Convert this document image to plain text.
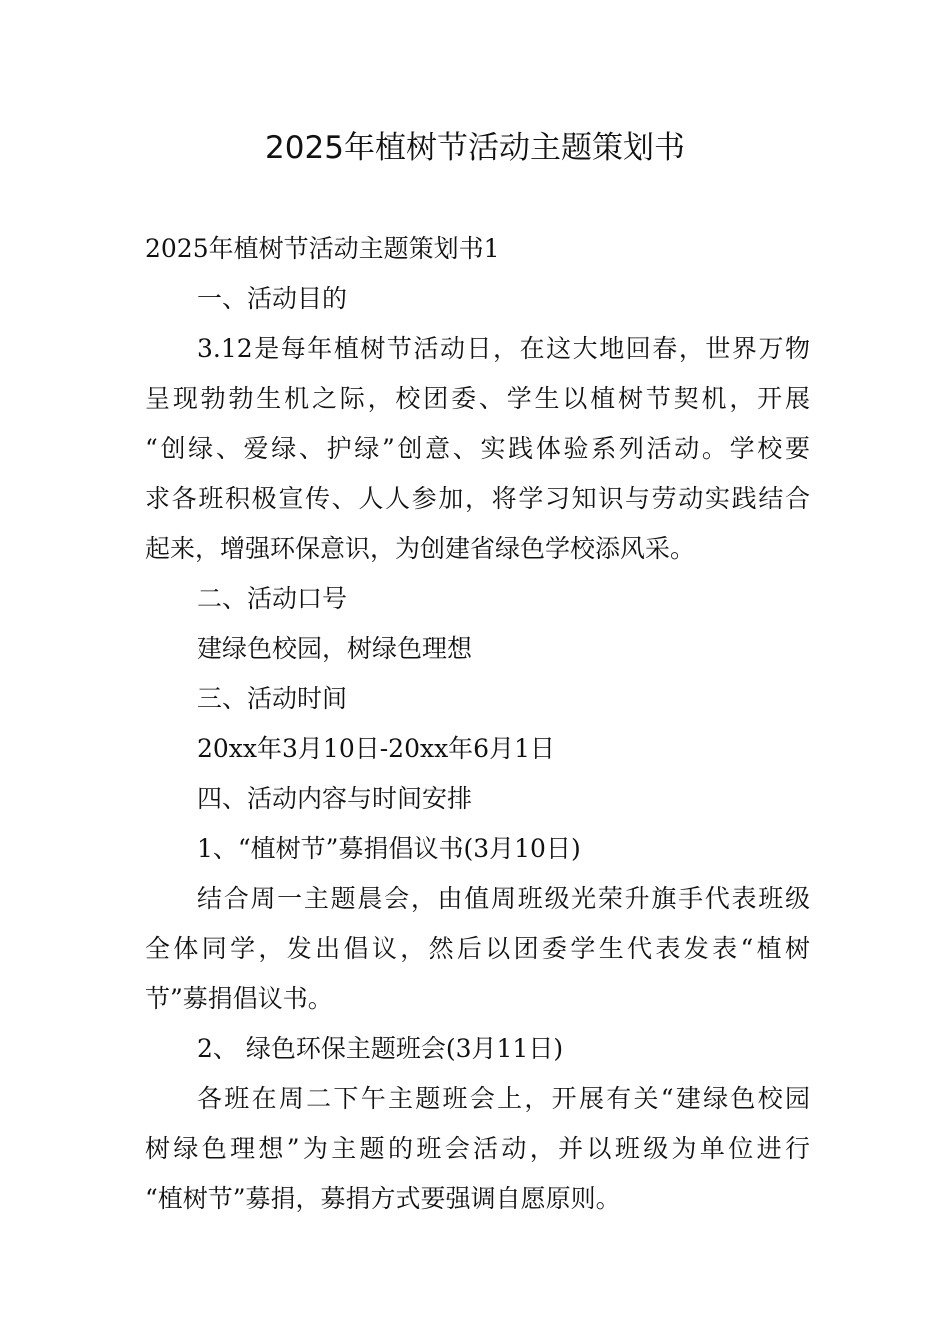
2025年植树节活动主题策划书
2025年植树节活动主题策划书1
一、活动目的
3.12是每年植树节活动日，在这大地回春，世界万物
呈现勃勃生机之际，校团委、学生以植树节契机，开展
“创绿、爱绿、护绿”创意、实践体验系列活动。学校要
求各班积极宣传、人人参加，将学习知识与劳动实践结合
起来，增强环保意识，为创建省绿色学校添风采。
二、活动口号
建绿色校园，树绿色理想
三、活动时间
20xx年3月10日-20xx年6月1日
四、活动内容与时间安排
1、“植树节”募捐倡议书(3月10日)
结合周一主题晨会，由值周班级光荣升旗手代表班级
全体同学，发出倡议，然后以团委学生代表发表“植树
节”募捐倡议书。
2、 绿色环保主题班会(3月11日)
各班在周二下午主题班会上，开展有关“建绿色校园
树绿色理想”为主题的班会活动，并以班级为单位进行
“植树节”募捐，募捐方式要强调自愿原则。
